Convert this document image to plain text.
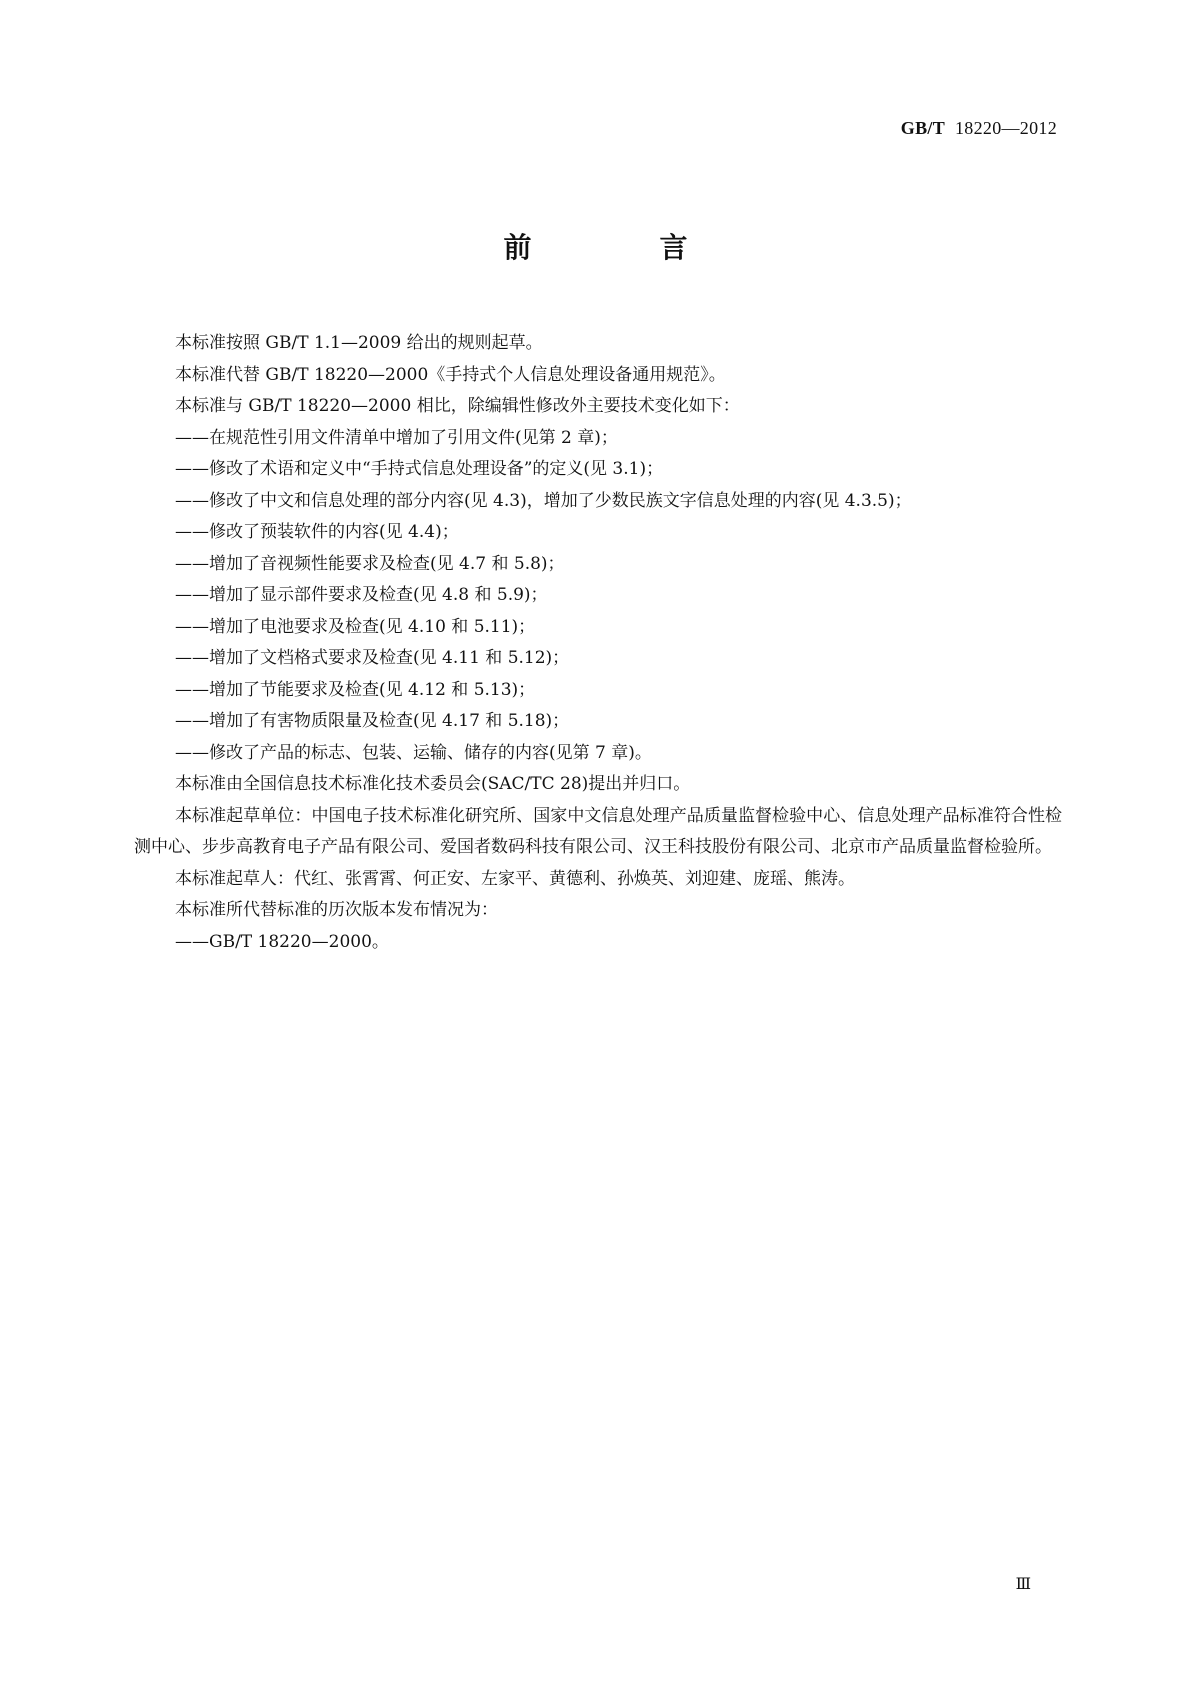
GB/T 18220—2012
前　言

本标准按照 GB/T 1.1—2009 给出的规则起草。

本标准代替 GB/T 18220—2000《手持式个人信息处理设备通用规范》。

本标准与 GB/T 18220—2000 相比，除编辑性修改外主要技术变化如下：

——在规范性引用文件清单中增加了引用文件(见第 2 章)；

——修改了术语和定义中“手持式信息处理设备”的定义(见 3.1)；

——修改了中文和信息处理的部分内容(见 4.3)，增加了少数民族文字信息处理的内容(见 4.3.5)；

——修改了预装软件的内容(见 4.4)；

——增加了音视频性能要求及检查(见 4.7 和 5.8)；

——增加了显示部件要求及检查(见 4.8 和 5.9)；

——增加了电池要求及检查(见 4.10 和 5.11)；

——增加了文档格式要求及检查(见 4.11 和 5.12)；

——增加了节能要求及检查(见 4.12 和 5.13)；

——增加了有害物质限量及检查(见 4.17 和 5.18)；

——修改了产品的标志、包装、运输、储存的内容(见第 7 章)。

本标准由全国信息技术标准化技术委员会(SAC/TC 28)提出并归口。

本标准起草单位：中国电子技术标准化研究所、国家中文信息处理产品质量监督检验中心、信息处理产品标准符合性检测中心、步步高教育电子产品有限公司、爱国者数码科技有限公司、汉王科技股份有限公司、北京市产品质量监督检验所。

本标准起草人：代红、张霄霄、何正安、左家平、黄德利、孙焕英、刘迎建、庞瑶、熊涛。

本标准所代替标准的历次版本发布情况为：

——GB/T 18220—2000。

Ⅲ
